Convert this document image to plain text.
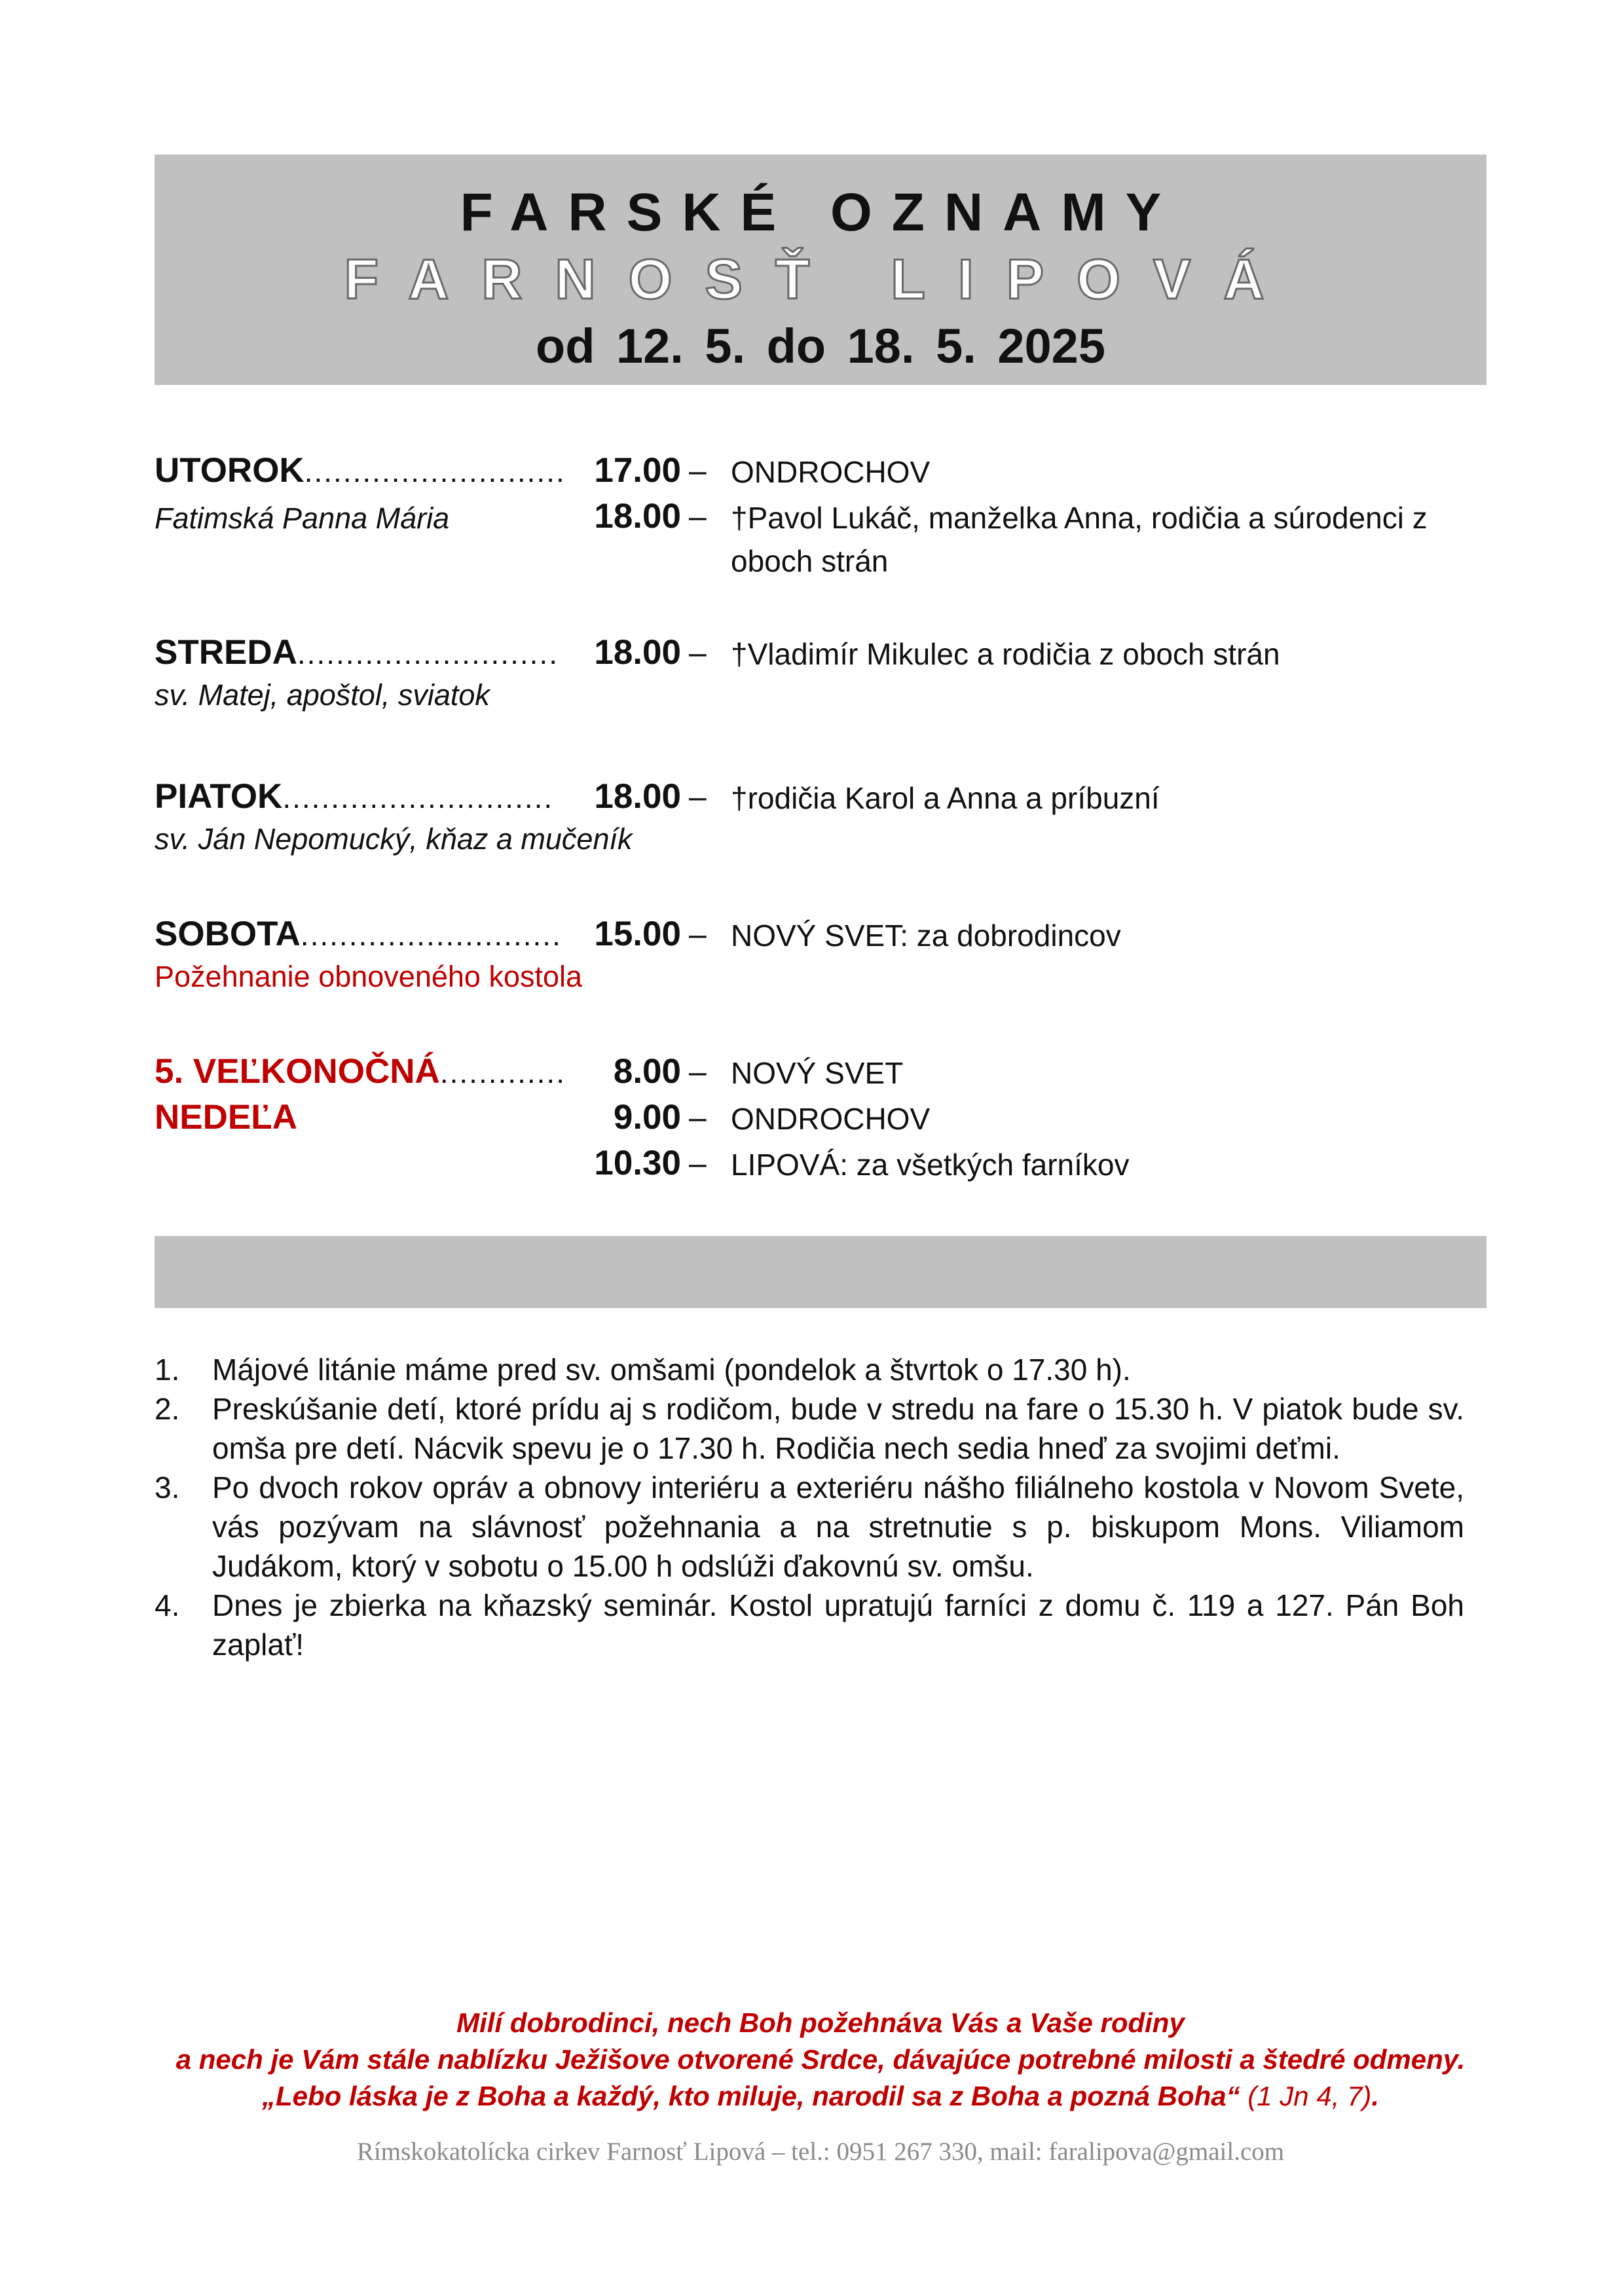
FARSKÉ OZNAMY
FARNOSŤ LIPOVÁ
od 12. 5. do 18. 5. 2025
UTOROK........................... 17.00 – ONDROCHOV
Fatimská Panna Mária	18.00 – †Pavol Lukáč, manželka Anna, rodičia a súrodenci z oboch strán
STREDA........................... 18.00 – †Vladimír Mikulec a rodičia z oboch strán
sv. Matej, apoštol, sviatok
PIATOK............................ 18.00 – †rodičia Karol a Anna a príbuzní
sv. Ján Nepomucký, kňaz a mučeník
SOBOTA........................... 15.00 – NOVÝ SVET: za dobrodincov
Požehnanie obnoveného kostola
5. VEĽKONOČNÁ............. 8.00 – NOVÝ SVET
NEDEĽA	9.00 – ONDROCHOV
10.30 – LIPOVÁ: za všetkých farníkov
1. Májové litánie máme pred sv. omšami (pondelok a štvrtok o 17.30 h).
2. Preskúšanie detí, ktoré prídu aj s rodičom, bude v stredu na fare o 15.30 h. V piatok bude sv. omša pre detí. Nácvik spevu je o 17.30 h. Rodičia nech sedia hneď za svojimi deťmi.
3. Po dvoch rokov opráv a obnovy interiéru a exteriéru nášho filiálneho kostola v Novom Svete, vás pozývam na slávnosť požehnania a na stretnutie s p. biskupom Mons. Viliamom Judákom, ktorý v sobotu o 15.00 h odslúži ďakovnú sv. omšu.
4. Dnes je zbierka na kňazský seminár. Kostol upratujú farníci z domu č. 119 a 127. Pán Boh zaplať!
Milí dobrodinci, nech Boh požehnáva Vás a Vaše rodiny
a nech je Vám stále nablízku Ježišove otvorené Srdce, dávajúce potrebné milosti a štedré odmeny.
„Lebo láska je z Boha a každý, kto miluje, narodil sa z Boha a pozná Boha“ (1 Jn 4, 7).
Rímskokatolícka cirkev Farnosť Lipová – tel.: 0951 267 330, mail: faralipova@gmail.com
